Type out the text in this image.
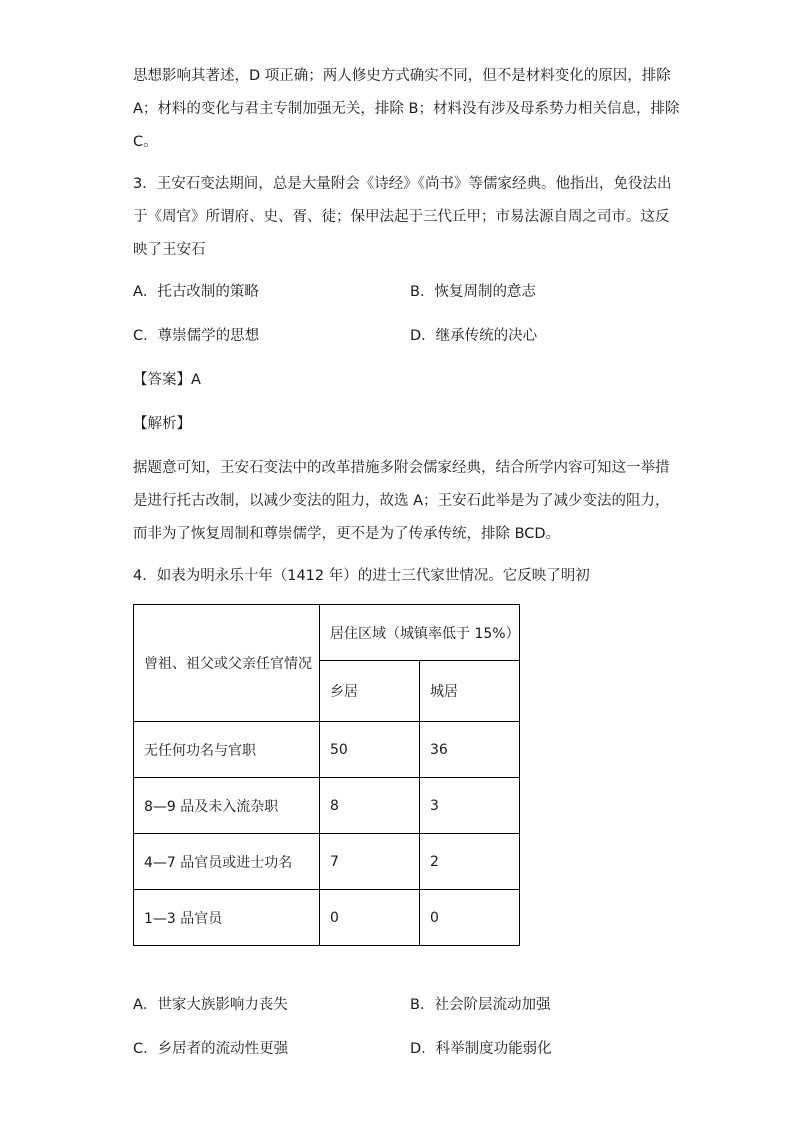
思想影响其著述，D 项正确；两人修史方式确实不同，但不是材料变化的原因，排除

A；材料的变化与君主专制加强无关，排除 B；材料没有涉及母系势力相关信息，排除

C。

3．王安石变法期间，总是大量附会《诗经》《尚书》等儒家经典。他指出，免役法出

于《周官》所谓府、史、胥、徒；保甲法起于三代丘甲；市易法源自周之司市。这反

映了王安石

A．托古改制的策略	B．恢复周制的意志
C．尊崇儒学的思想	D．继承传统的决心

【答案】A

【解析】

据题意可知，王安石变法中的改革措施多附会儒家经典，结合所学内容可知这一举措

是进行托古改制，以减少变法的阻力，故选 A；王安石此举是为了减少变法的阻力，

而非为了恢复周制和尊崇儒学，更不是为了传承传统，排除 BCD。

4．如表为明永乐十年（1412 年）的进士三代家世情况。它反映了明初

曾祖、祖父或父亲任官情况	居住区域（城镇率低于 15%）	
	乡居	城居
无任何功名与官职	50	36
8—9 品及未入流杂职	8	3
4—7 品官员或进士功名	7	2
1—3 品官员	0	0
A．世家大族影响力丧失	B．社会阶层流动加强
C．乡居者的流动性更强	D．科举制度功能弱化
